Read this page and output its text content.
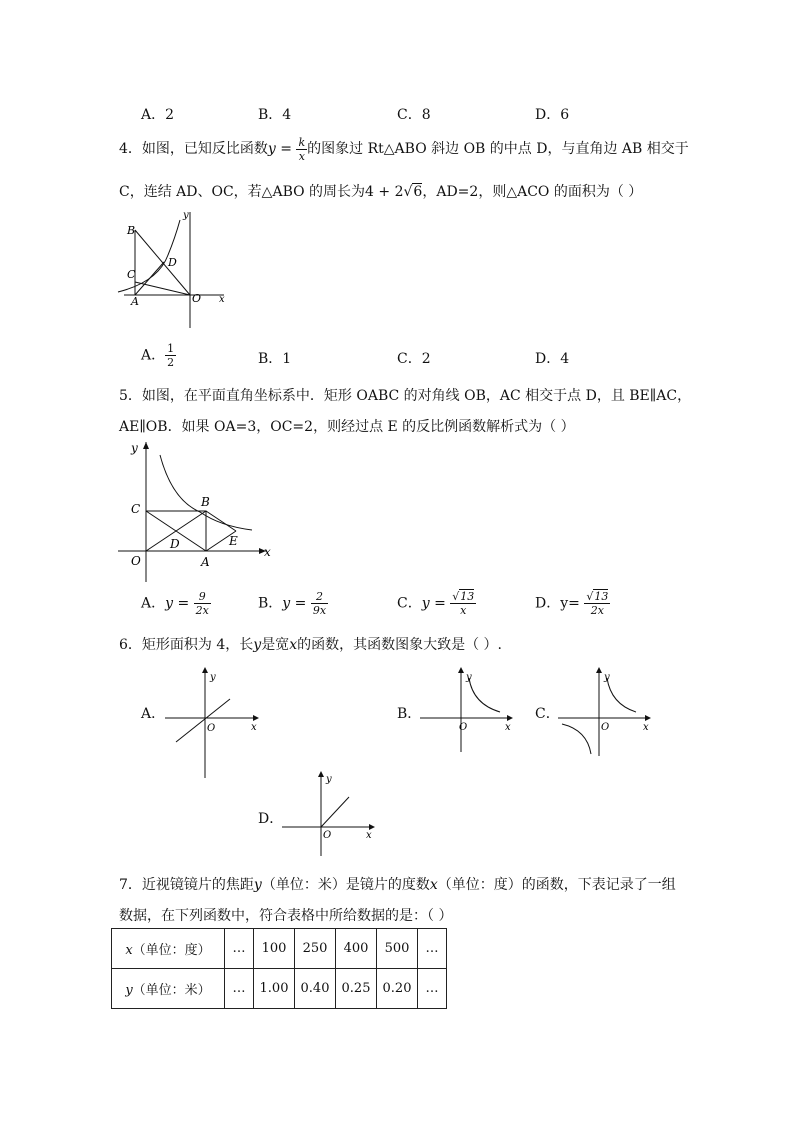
A．2	B．4	C．8	D．6
4．如图，已知反比函数$y = \frac{k}{x}$ 的图象过 Rt△ABO 斜边 OB 的中点 D，与直角边 AB 相交于
C，连结 AD、OC，若△ABO 的周长为4 + 2√6，AD=2，则△ACO 的面积为（ ）
B
C
D
A	O x
y
A． $\frac{1}{2}$	B．1	C．2	D．4
5．如图，在平面直角坐标系中．矩形 OABC 的对角线 OB，AC 相交于点 D，且 BE∥AC，
AE∥OB．如果 OA=3，OC=2，则经过点 E 的反比例函数解析式为（ ）
y
x
C	B
D	E
O	A
A．$y = \frac{9}{2x}$	B．$y = \frac{2}{9x}$	C．$y = \frac{√13}{x}$	D．$y= \frac{√13}{2x}$
6．矩形面积为 4，长y是宽x的函数，其函数图象大致是（ ）.
A．	B．	C．
D．
x
y
O	x
y
O	x
y
O
x
y
O
7．近视镜镜片的焦距y（单位：米）是镜片的度数x（单位：度）的函数，下表记录了一组
数据，在下列函数中，符合表格中所给数据的是：（ ）
x（单位：度）	…	100	250	400	500	…
y（单位：米）	…	1.00	0.40	0.25	0.20	…
